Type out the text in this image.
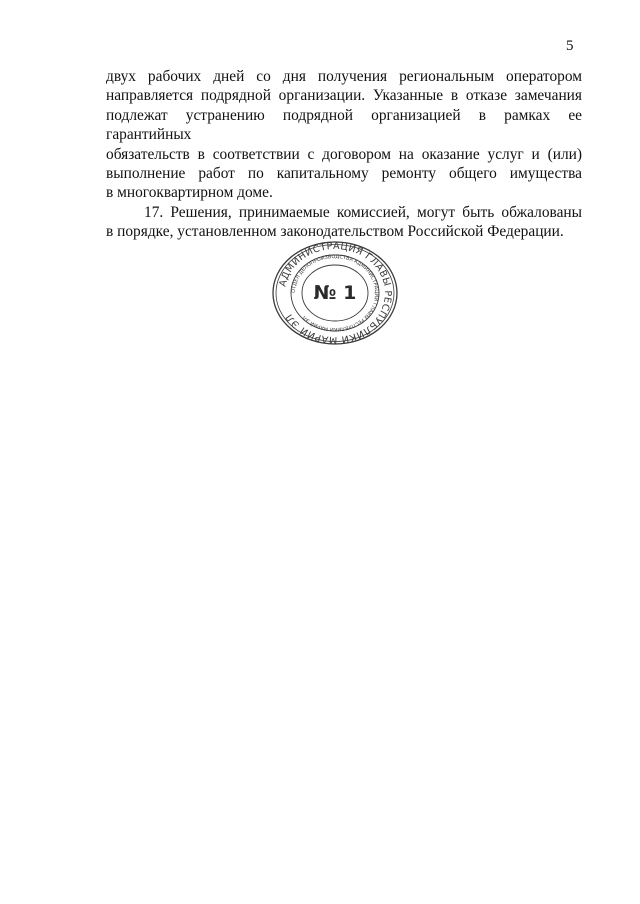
5

двух рабочих дней со дня получения региональным оператором
направляется подрядной организации. Указанные в отказе замечания
подлежат устранению подрядной организацией в рамках ее гарантийных
обязательств в соответствии с договором на оказание услуг и (или)
выполнение работ по капитальному ремонту общего имущества
в многоквартирном доме.

17. Решения, принимаемые комиссией, могут быть обжалованы
в порядке, установленном законодательством Российской Федерации.

АДМИНИСТРАЦИЯ ГЛАВЫ РЕСПУБЛИКИ МАРИЙ ЭЛ
ОТДЕЛ ДЕЛОПРОИЗВОДСТВА АДМИНИСТРАЦИИ ГЛАВЫ РЕСПУБЛИКИ МАРИЙ ЭЛ
№ 1
